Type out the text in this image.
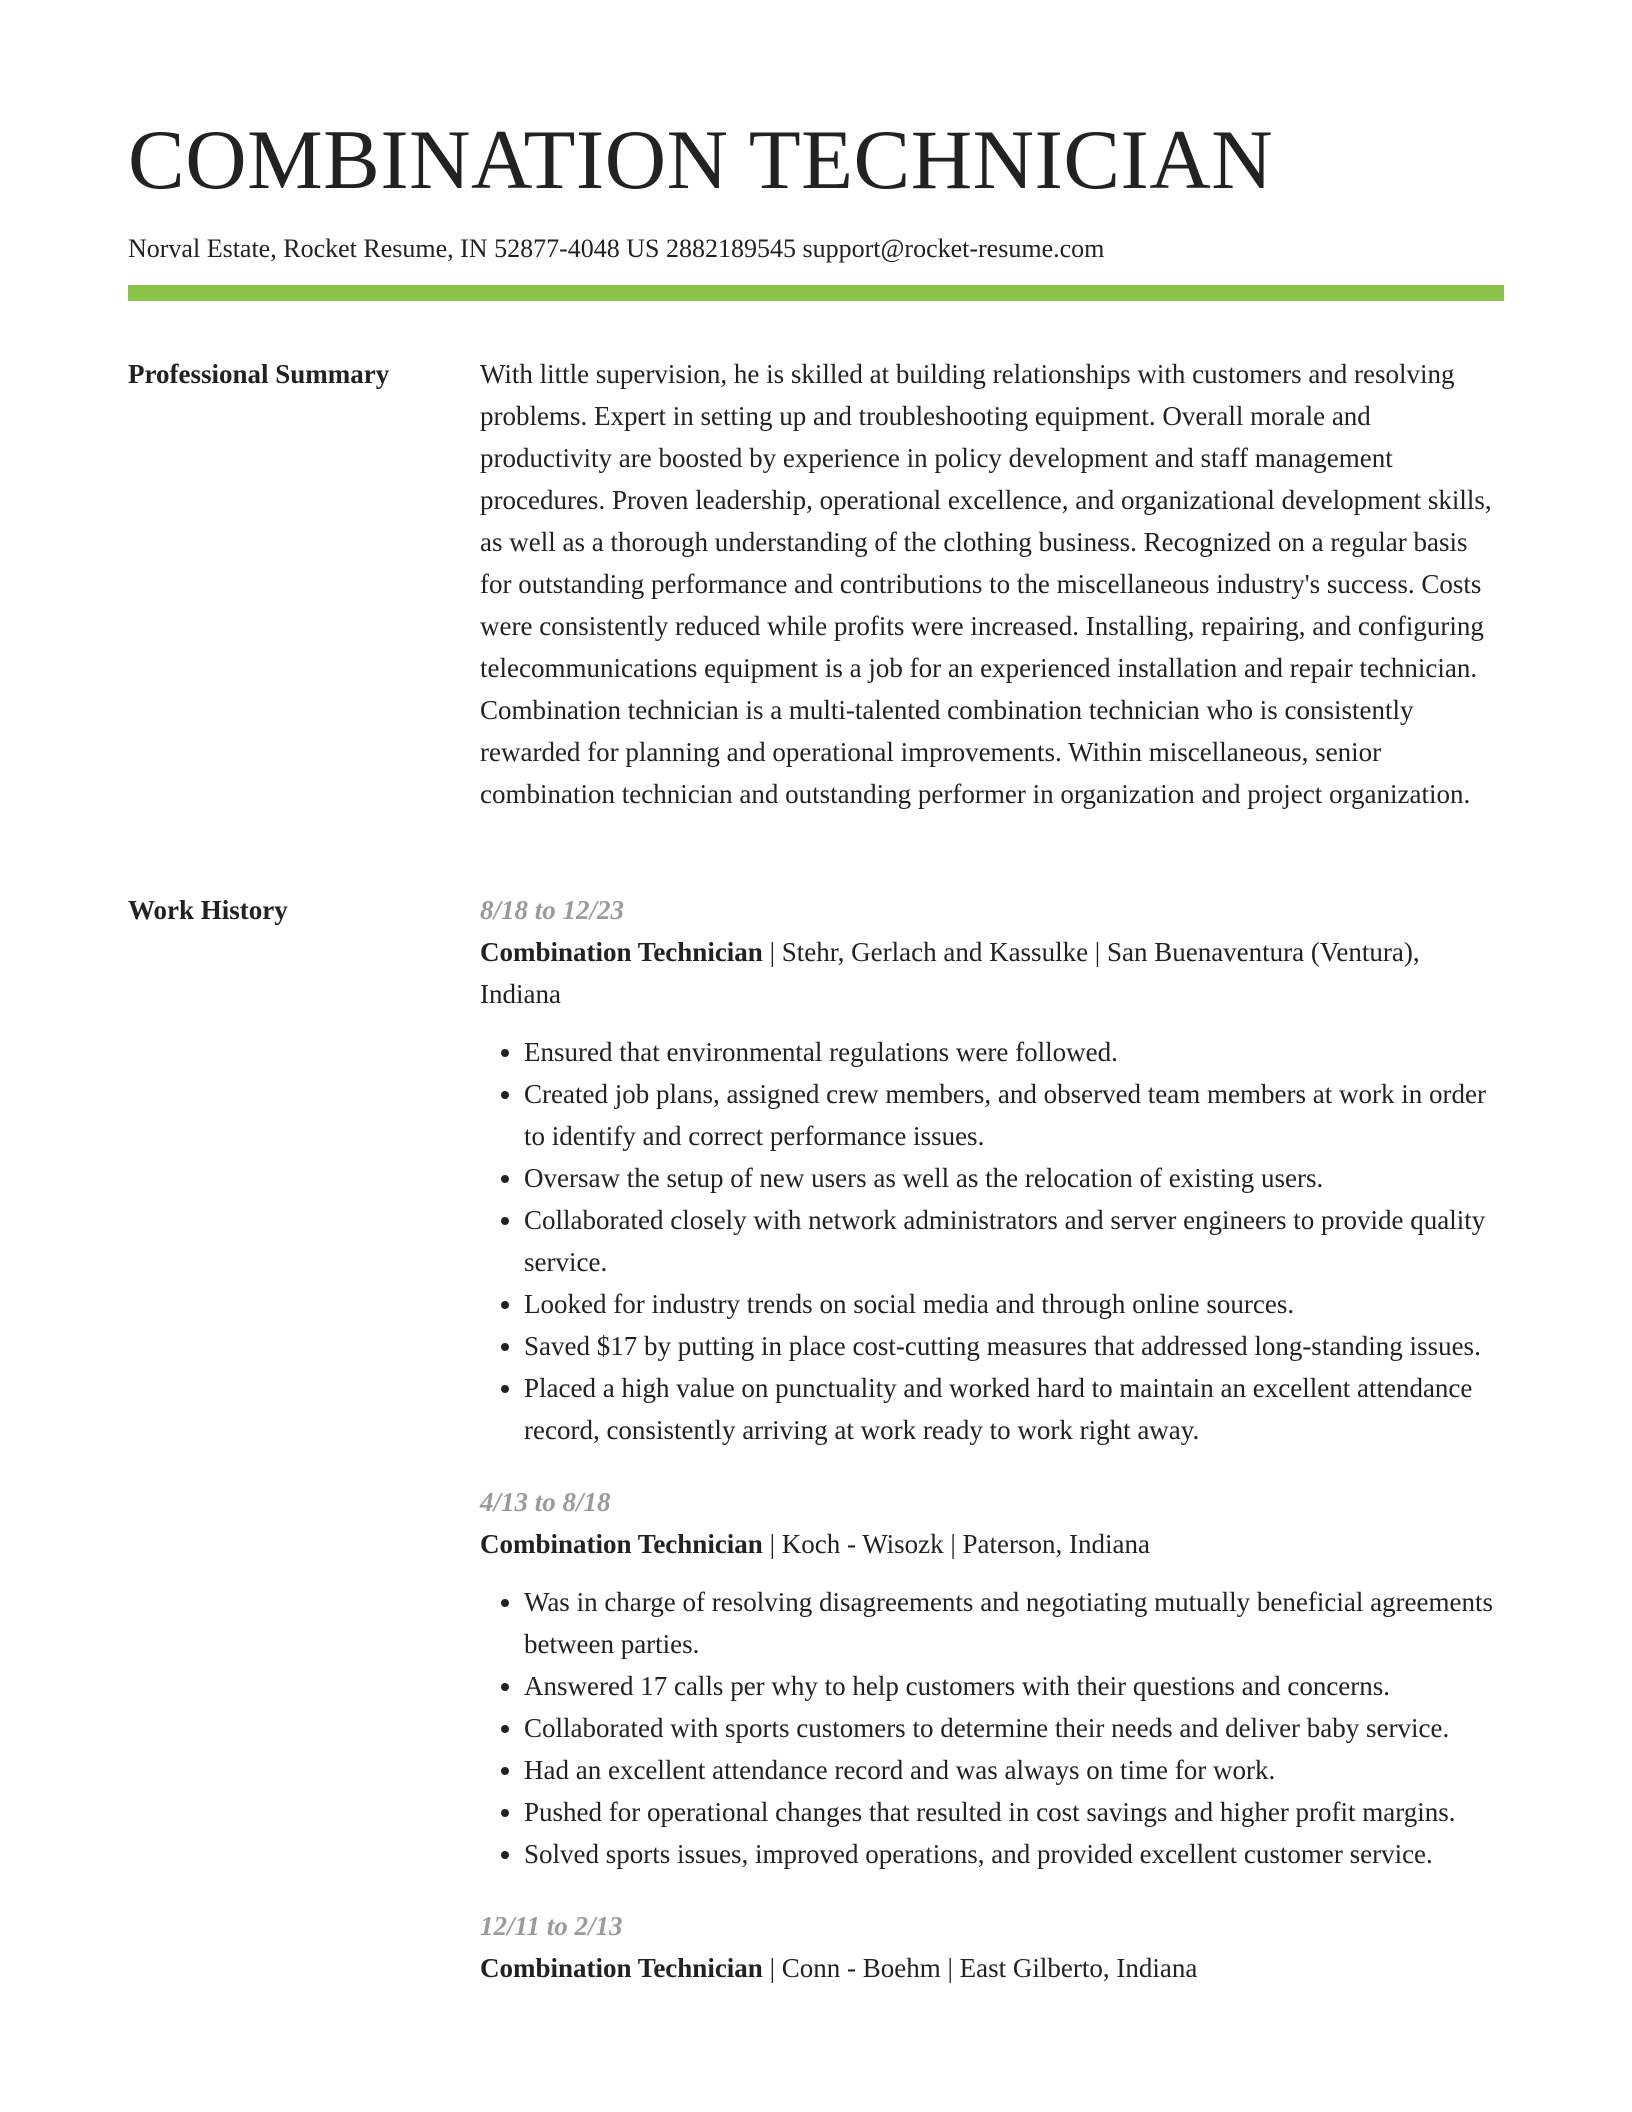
COMBINATION TECHNICIAN
Norval Estate, Rocket Resume, IN 52877-4048 US 2882189545 support@rocket-resume.com
Professional Summary	With little supervision, he is skilled at building relationships with customers and resolving problems. Expert in setting up and troubleshooting equipment. Overall morale and productivity are boosted by experience in policy development and staff management procedures. Proven leadership, operational excellence, and organizational development skills, as well as a thorough understanding of the clothing business. Recognized on a regular basis for outstanding performance and contributions to the miscellaneous industry's success. Costs were consistently reduced while profits were increased. Installing, repairing, and configuring telecommunications equipment is a job for an experienced installation and repair technician. Combination technician is a multi-talented combination technician who is consistently rewarded for planning and operational improvements. Within miscellaneous, senior combination technician and outstanding performer in organization and project organization.

Work History	8/18 to 12/23
Combination Technician | Stehr, Gerlach and Kassulke | San Buenaventura (Ventura), Indiana
• Ensured that environmental regulations were followed.
• Created job plans, assigned crew members, and observed team members at work in order to identify and correct performance issues.
• Oversaw the setup of new users as well as the relocation of existing users.
• Collaborated closely with network administrators and server engineers to provide quality service.
• Looked for industry trends on social media and through online sources.
• Saved $17 by putting in place cost-cutting measures that addressed long-standing issues.
• Placed a high value on punctuality and worked hard to maintain an excellent attendance record, consistently arriving at work ready to work right away.
4/13 to 8/18
Combination Technician | Koch - Wisozk | Paterson, Indiana
• Was in charge of resolving disagreements and negotiating mutually beneficial agreements between parties.
• Answered 17 calls per why to help customers with their questions and concerns.
• Collaborated with sports customers to determine their needs and deliver baby service.
• Had an excellent attendance record and was always on time for work.
• Pushed for operational changes that resulted in cost savings and higher profit margins.
• Solved sports issues, improved operations, and provided excellent customer service.
12/11 to 2/13
Combination Technician | Conn - Boehm | East Gilberto, Indiana
